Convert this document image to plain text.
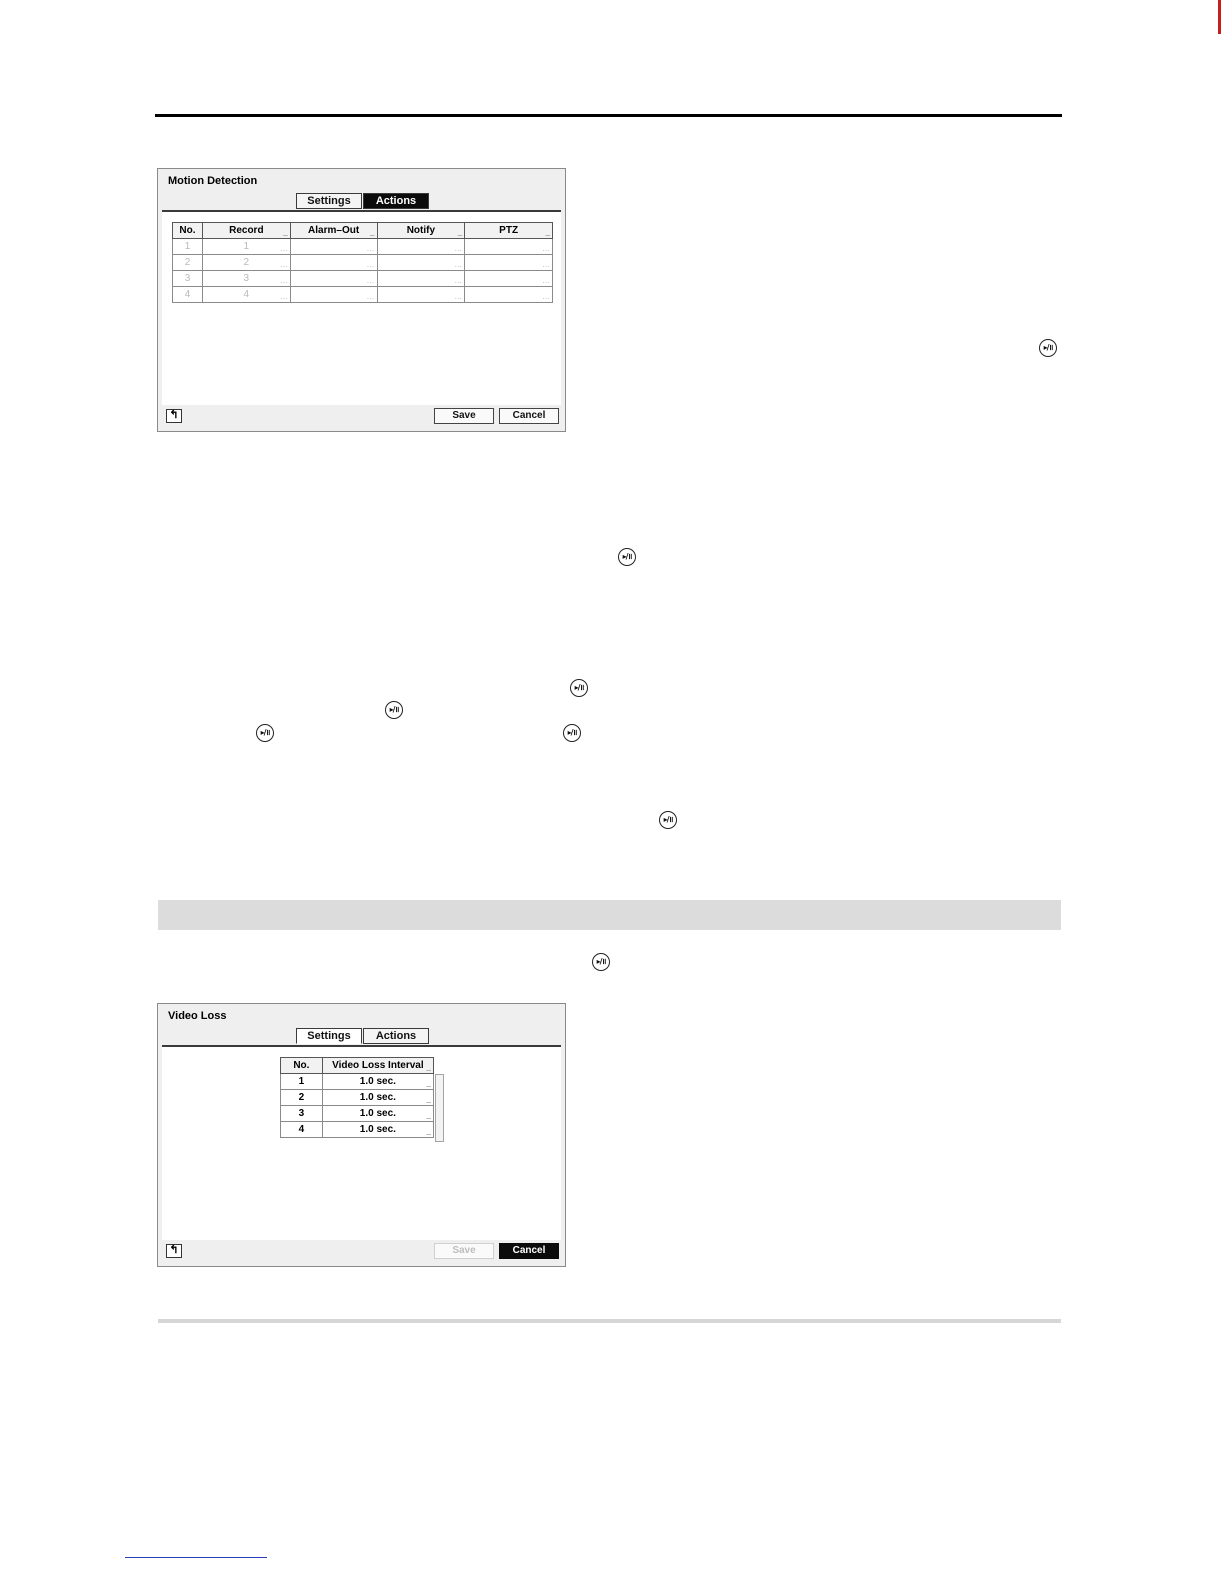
Motion Detection
Settings	Actions
No.	Record _	Alarm–Out _	Notify _	PTZ _

1	1 …	…	…	…

2	2 …	…	…	…

3	3 …	…	…	…

4	4 …	…	…	…
↰	Save	Cancel
▸/॥
▸/॥
▸/॥
▸/॥
▸/॥	▸/॥
▸/॥
▸/॥
Video Loss
Settings	Actions
No.	Video Loss Interval _

1	1.0 sec. _

2	1.0 sec. _

3	1.0 sec. _

4	1.0 sec. _
↰	Save	Cancel
